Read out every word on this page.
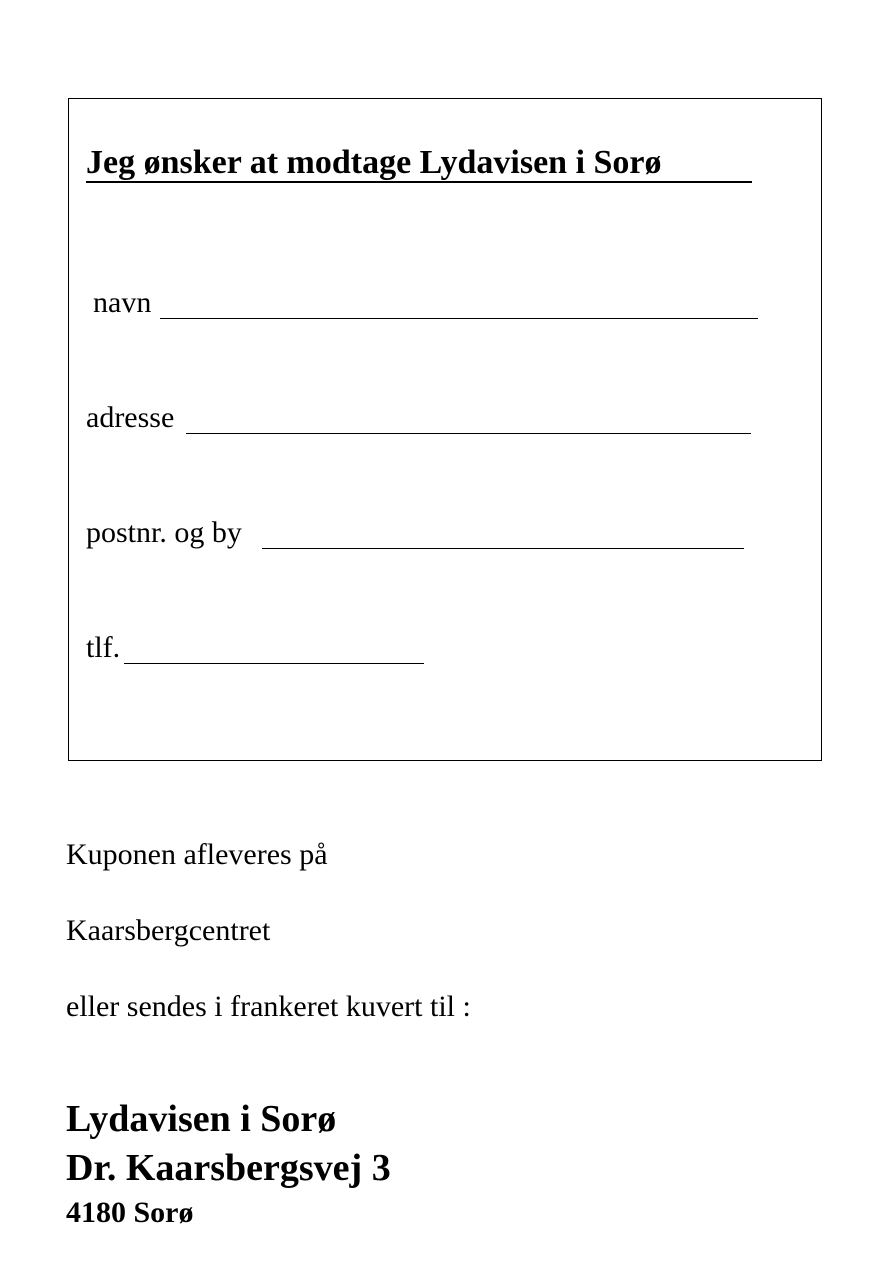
Jeg ønsker at modtage Lydavisen i Sorø
navn
adresse
postnr. og by
tlf.
Kuponen afleveres på
Kaarsbergcentret
eller sendes i frankeret kuvert til :
Lydavisen i Sorø
Dr. Kaarsbergsvej 3
4180 Sorø
